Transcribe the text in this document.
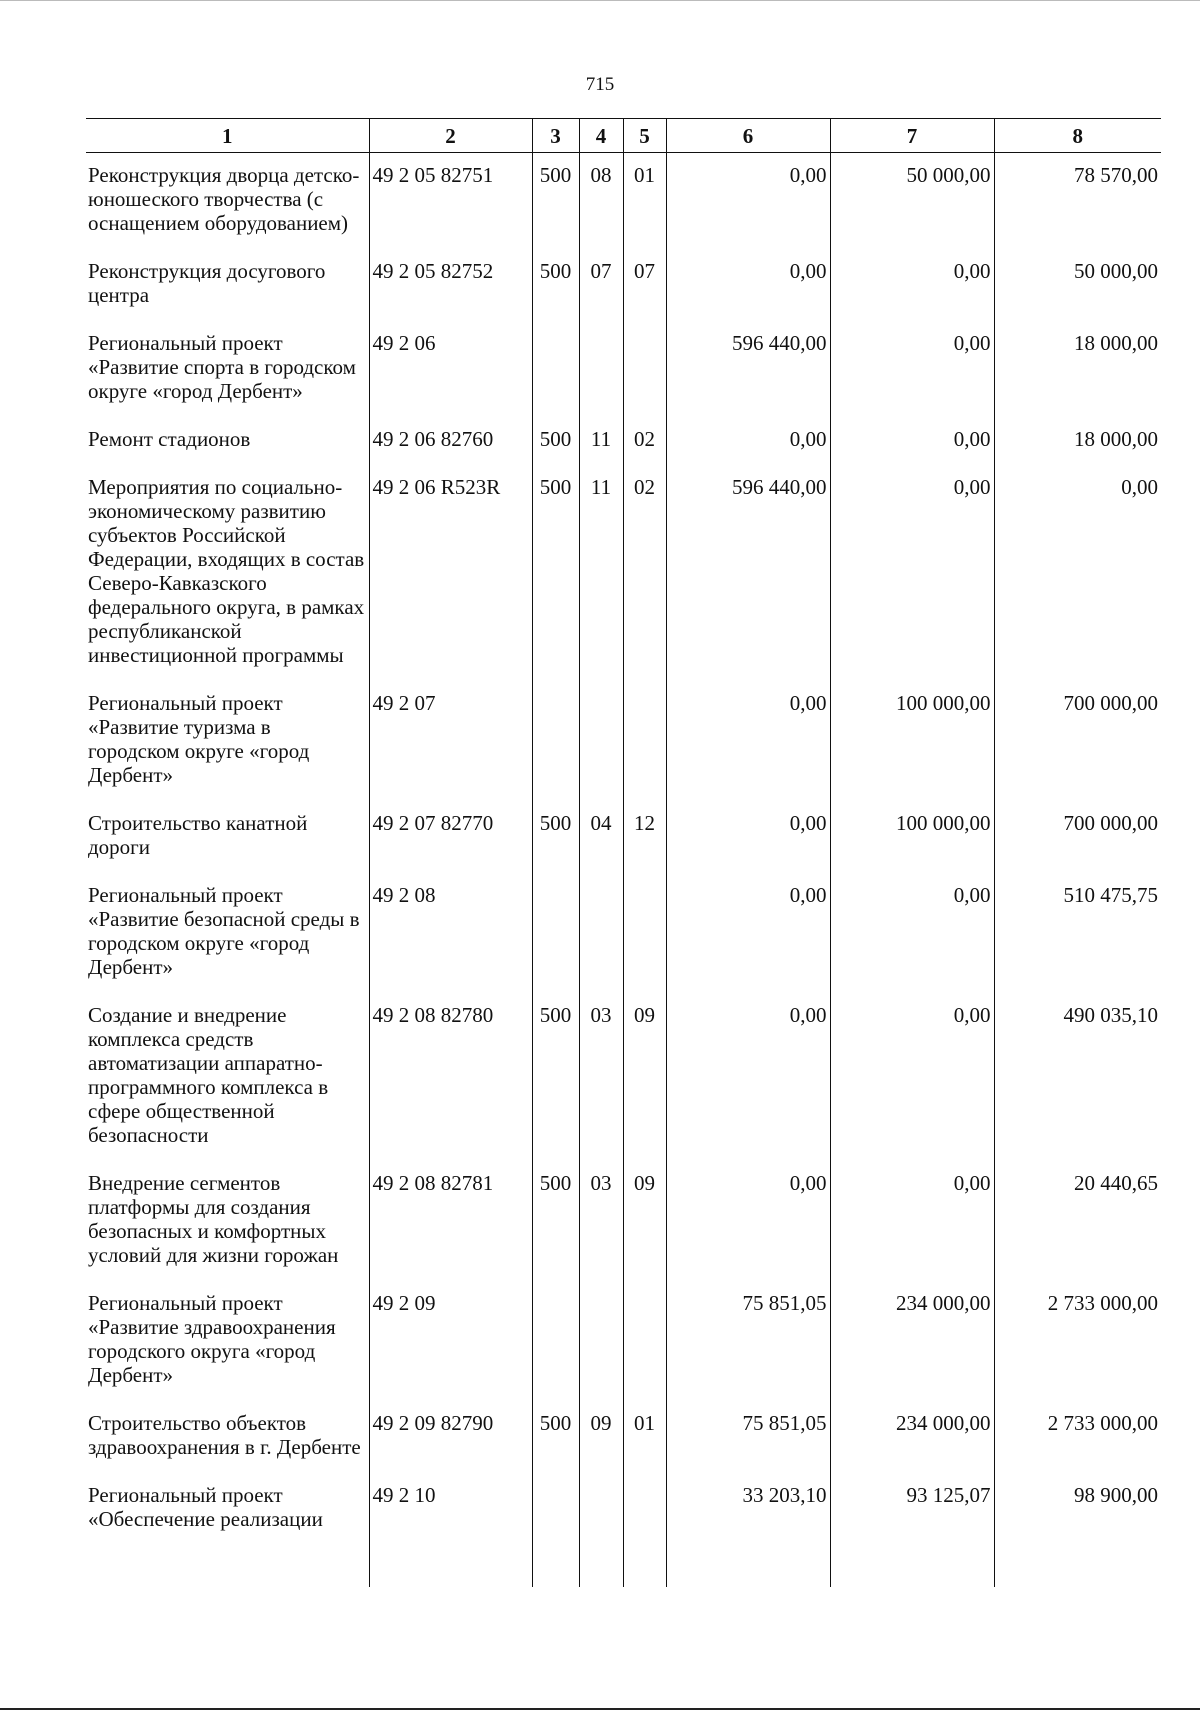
715
1	2	3	4	5	6	7	8
Реконструкция дворца детско-юношеского творчества (с оснащением оборудованием)	49 2 05 82751	500	08	01	0,00	50 000,00	78 570,00
Реконструкция досугового центра	49 2 05 82752	500	07	07	0,00	0,00	50 000,00
Региональный проект «Развитие спорта в городском округе «город Дербент»	49 2 06				596 440,00	0,00	18 000,00
Ремонт стадионов	49 2 06 82760	500	11	02	0,00	0,00	18 000,00
Мероприятия по социально-экономическому развитию субъектов Российской Федерации, входящих в состав Северо-Кавказского федерального округа, в рамках республиканской инвестиционной программы	49 2 06 R523R	500	11	02	596 440,00	0,00	0,00
Региональный проект «Развитие туризма в городском округе «город Дербент»	49 2 07				0,00	100 000,00	700 000,00
Строительство канатной дороги	49 2 07 82770	500	04	12	0,00	100 000,00	700 000,00
Региональный проект «Развитие безопасной среды в городском округе «город Дербент»	49 2 08				0,00	0,00	510 475,75
Создание и внедрение комплекса средств автоматизации аппаратно-программного комплекса в сфере общественной безопасности	49 2 08 82780	500	03	09	0,00	0,00	490 035,10
Внедрение сегментов платформы для создания безопасных и комфортных условий для жизни горожан	49 2 08 82781	500	03	09	0,00	0,00	20 440,65
Региональный проект «Развитие здравоохранения городского округа «город Дербент»	49 2 09				75 851,05	234 000,00	2 733 000,00
Строительство объектов здравоохранения в г. Дербенте	49 2 09 82790	500	09	01	75 851,05	234 000,00	2 733 000,00
Региональный проект «Обеспечение реализации	49 2 10				33 203,10	93 125,07	98 900,00
